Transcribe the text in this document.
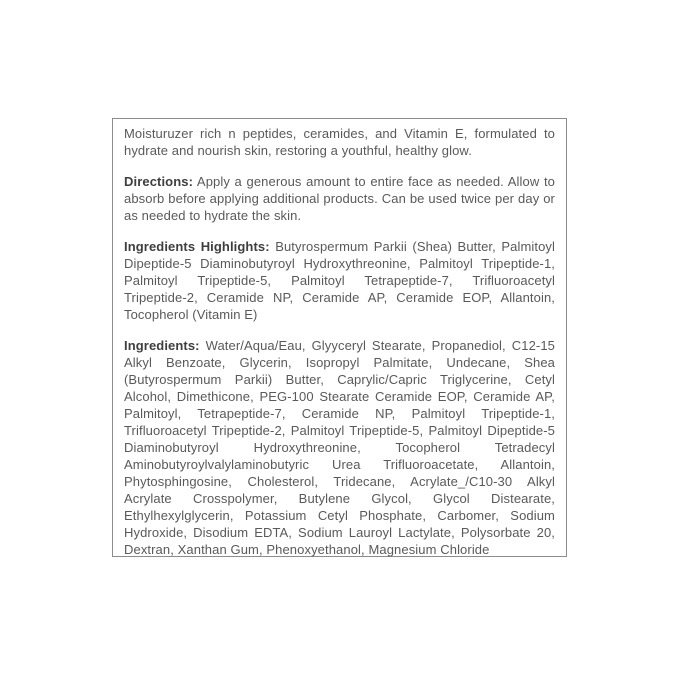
Moisturuzer rich n peptides, ceramides, and Vitamin E, formulated to hydrate and nourish skin, restoring a youthful, healthy glow.

Directions: Apply a generous amount to entire face as needed. Allow to absorb before applying additional products. Can be used twice per day or as needed to hydrate the skin.

Ingredients Highlights: Butyrospermum Parkii (Shea) Butter, Palmitoyl Dipeptide-5 Diaminobutyroyl Hydroxythreonine, Palmitoyl Tripeptide-1, Palmitoyl Tripeptide-5, Palmitoyl Tetrapeptide-7, Trifluoroacetyl Tripeptide-2, Ceramide NP, Ceramide AP, Ceramide EOP, Allantoin, Tocopherol (Vitamin E)

Ingredients: Water/Aqua/Eau, Glyyceryl Stearate, Propanediol, C12-15 Alkyl Benzoate, Glycerin, Isopropyl Palmitate, Undecane, Shea (Butyrospermum Parkii) Butter, Caprylic/Capric Triglycerine, Cetyl Alcohol, Dimethicone, PEG-100 Stearate Ceramide EOP, Ceramide AP, Palmitoyl, Tetrapeptide-7, Ceramide NP, Palmitoyl Tripeptide-1, Trifluoroacetyl Tripeptide-2, Palmitoyl Tripeptide-5, Palmitoyl Dipeptide-5 Diaminobutyroyl Hydroxythreonine, Tocopherol Tetradecyl Aminobutyroylvalylaminobutyric Urea Trifluoroacetate, Allantoin, Phytosphingosine, Cholesterol, Tridecane, Acrylate_/C10-30 Alkyl Acrylate Crosspolymer, Butylene Glycol, Glycol Distearate, Ethylhexylglycerin, Potassium Cetyl Phosphate, Carbomer, Sodium Hydroxide, Disodium EDTA, Sodium Lauroyl Lactylate, Polysorbate 20, Dextran, Xanthan Gum, Phenoxyethanol, Magnesium Chloride
